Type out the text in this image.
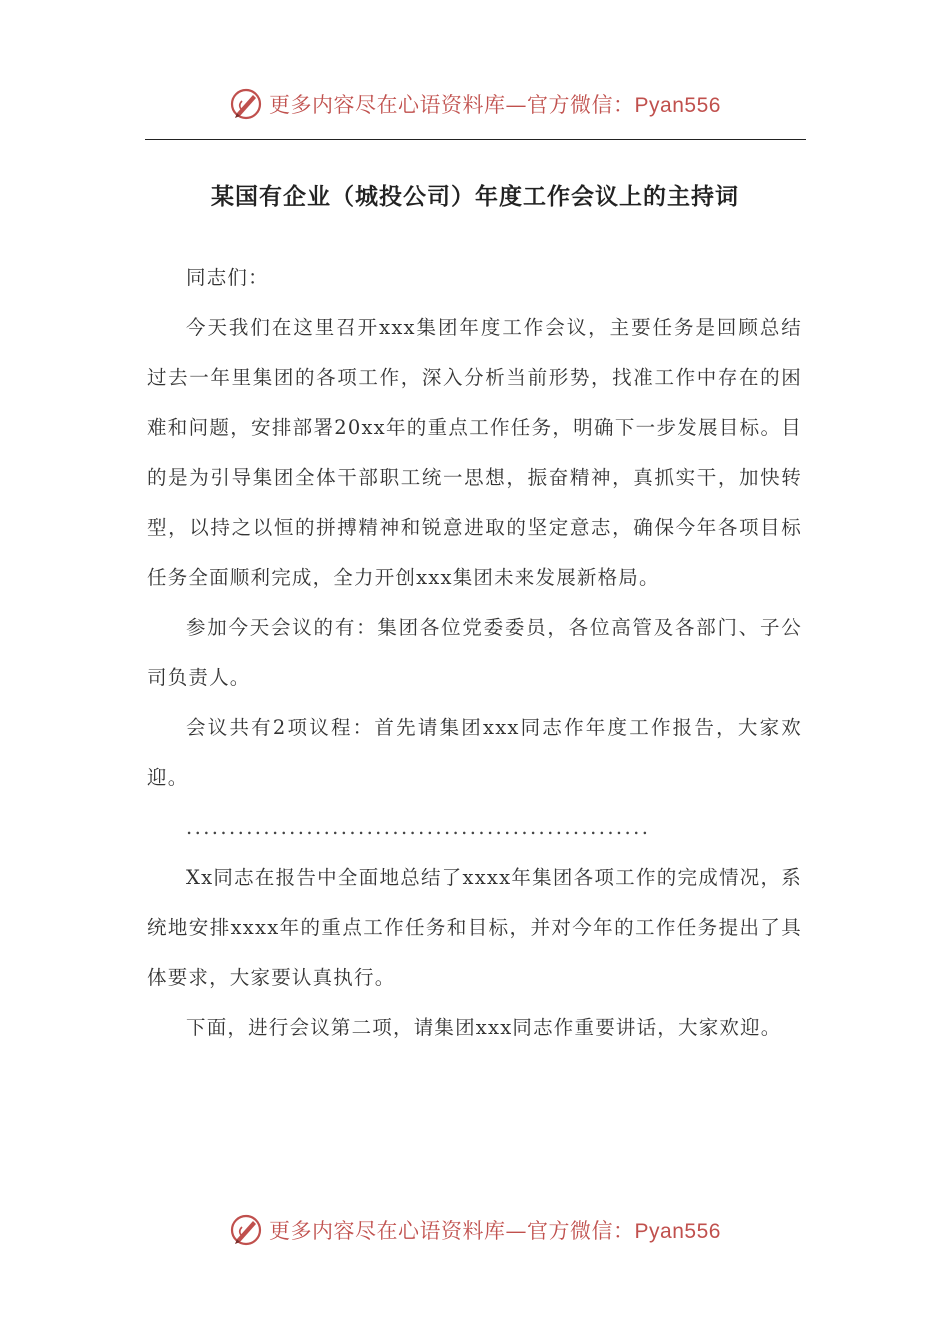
更多内容尽在心语资料库—官方微信：Pyan556
某国有企业（城投公司）年度工作会议上的主持词

同志们：

今天我们在这里召开xxx集团年度工作会议，主要任务是回顾总结过去一年里集团的各项工作，深入分析当前形势，找准工作中存在的困难和问题，安排部署20xx年的重点工作任务，明确下一步发展目标。目的是为引导集团全体干部职工统一思想，振奋精神，真抓实干，加快转型，以持之以恒的拼搏精神和锐意进取的坚定意志，确保今年各项目标任务全面顺利完成，全力开创xxx集团未来发展新格局。

参加今天会议的有：集团各位党委委员，各位高管及各部门、子公司负责人。

会议共有2项议程：首先请集团xxx同志作年度工作报告，大家欢迎。

......................................................

Xx同志在报告中全面地总结了xxxx年集团各项工作的完成情况，系统地安排xxxx年的重点工作任务和目标，并对今年的工作任务提出了具体要求，大家要认真执行。

下面，进行会议第二项，请集团xxx同志作重要讲话，大家欢迎。

更多内容尽在心语资料库—官方微信：Pyan556
